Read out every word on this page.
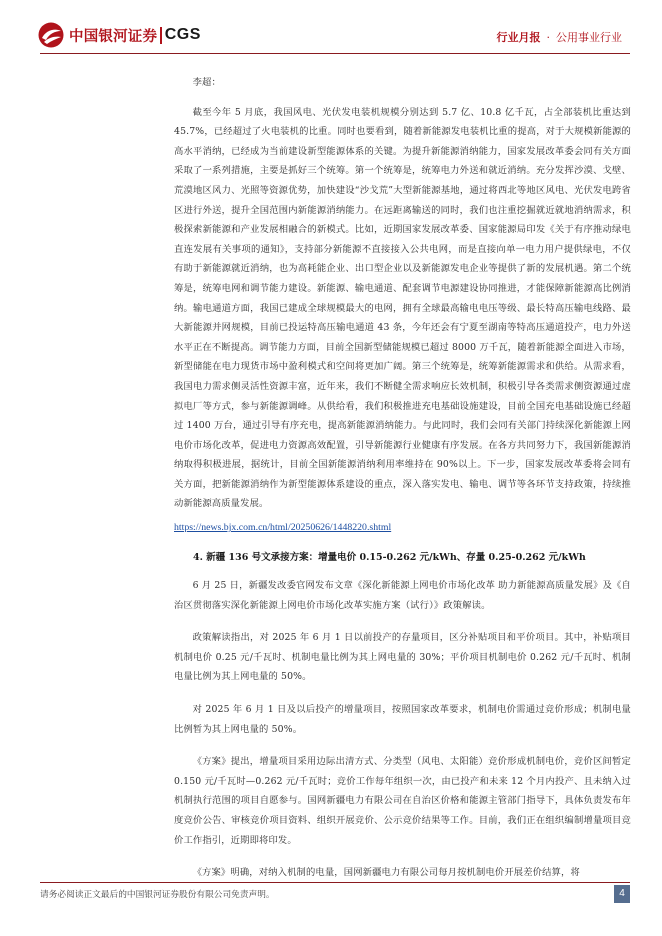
中国银河证券 CGS	行业月报 · 公用事业行业

李超：

截至今年 5 月底，我国风电、光伏发电装机规模分别达到 5.7 亿、10.8 亿千瓦，占全部装机比重达到 45.7%，已经超过了火电装机的比重。同时也要看到，随着新能源发电装机比重的提高，对于大规模新能源的高水平消纳，已经成为当前建设新型能源体系的关键。为提升新能源消纳能力，国家发展改革委会同有关方面采取了一系列措施，主要是抓好三个统筹。第一个统筹是，统筹电力外送和就近消纳。充分发挥沙漠、戈壁、荒漠地区风力、光照等资源优势，加快建设“沙戈荒”大型新能源基地，通过将西北等地区风电、光伏发电跨省区进行外送，提升全国范围内新能源消纳能力。在远距离输送的同时，我们也注重挖掘就近就地消纳需求，积极探索新能源和产业发展相融合的新模式。比如，近期国家发展改革委、国家能源局印发《关于有序推动绿电直连发展有关事项的通知》，支持部分新能源不直接接入公共电网，而是直接向单一电力用户提供绿电，不仅有助于新能源就近消纳，也为高耗能企业、出口型企业以及新能源发电企业等提供了新的发展机遇。第二个统筹是，统筹电网和调节能力建设。新能源、输电通道、配套调节电源建设协同推进，才能保障新能源高比例消纳。输电通道方面，我国已建成全球规模最大的电网，拥有全球最高输电电压等级、最长特高压输电线路、最大新能源并网规模，目前已投运特高压输电通道 43 条，今年还会有宁夏至湖南等特高压通道投产，电力外送水平正在不断提高。调节能力方面，目前全国新型储能规模已超过 8000 万千瓦，随着新能源全面进入市场，新型储能在电力现货市场中盈利模式和空间将更加广阔。第三个统筹是，统筹新能源需求和供给。从需求看，我国电力需求侧灵活性资源丰富，近年来，我们不断健全需求响应长效机制，积极引导各类需求侧资源通过虚拟电厂等方式，参与新能源调峰。从供给看，我们积极推进充电基础设施建设，目前全国充电基础设施已经超过 1400 万台，通过引导有序充电，提高新能源消纳能力。与此同时，我们会同有关部门持续深化新能源上网电价市场化改革，促进电力资源高效配置，引导新能源行业健康有序发展。在各方共同努力下，我国新能源消纳取得积极进展，据统计，目前全国新能源消纳利用率维持在 90%以上。下一步，国家发展改革委将会同有关方面，把新能源消纳作为新型能源体系建设的重点，深入落实发电、输电、调节等各环节支持政策，持续推动新能源高质量发展。

https://news.bjx.com.cn/html/20250626/1448220.shtml
4. 新疆 136 号文承接方案：增量电价 0.15-0.262 元/kWh、存量 0.25-0.262 元/kWh

6 月 25 日，新疆发改委官网发布文章《深化新能源上网电价市场化改革 助力新能源高质量发展》及《自治区贯彻落实深化新能源上网电价市场化改革实施方案（试行）》政策解读。

政策解读指出，对 2025 年 6 月 1 日以前投产的存量项目，区分补贴项目和平价项目。其中，补贴项目机制电价 0.25 元/千瓦时、机制电量比例为其上网电量的 30%；平价项目机制电价 0.262 元/千瓦时、机制电量比例为其上网电量的 50%。

对 2025 年 6 月 1 日及以后投产的增量项目，按照国家改革要求，机制电价需通过竞价形成；机制电量比例暂为其上网电量的 50%。

《方案》提出，增量项目采用边际出清方式、分类型（风电、太阳能）竞价形成机制电价，竞价区间暂定 0.150 元/千瓦时—0.262 元/千瓦时；竞价工作每年组织一次，由已投产和未来 12 个月内投产、且未纳入过机制执行范围的项目自愿参与。国网新疆电力有限公司在自治区价格和能源主管部门指导下，具体负责发布年度竞价公告、审核竞价项目资料、组织开展竞价、公示竞价结果等工作。目前，我们正在组织编制增量项目竞价工作指引，近期即将印发。

《方案》明确，对纳入机制的电量，国网新疆电力有限公司每月按机制电价开展差价结算，将

请务必阅读正文最后的中国银河证券股份有限公司免责声明。	4
